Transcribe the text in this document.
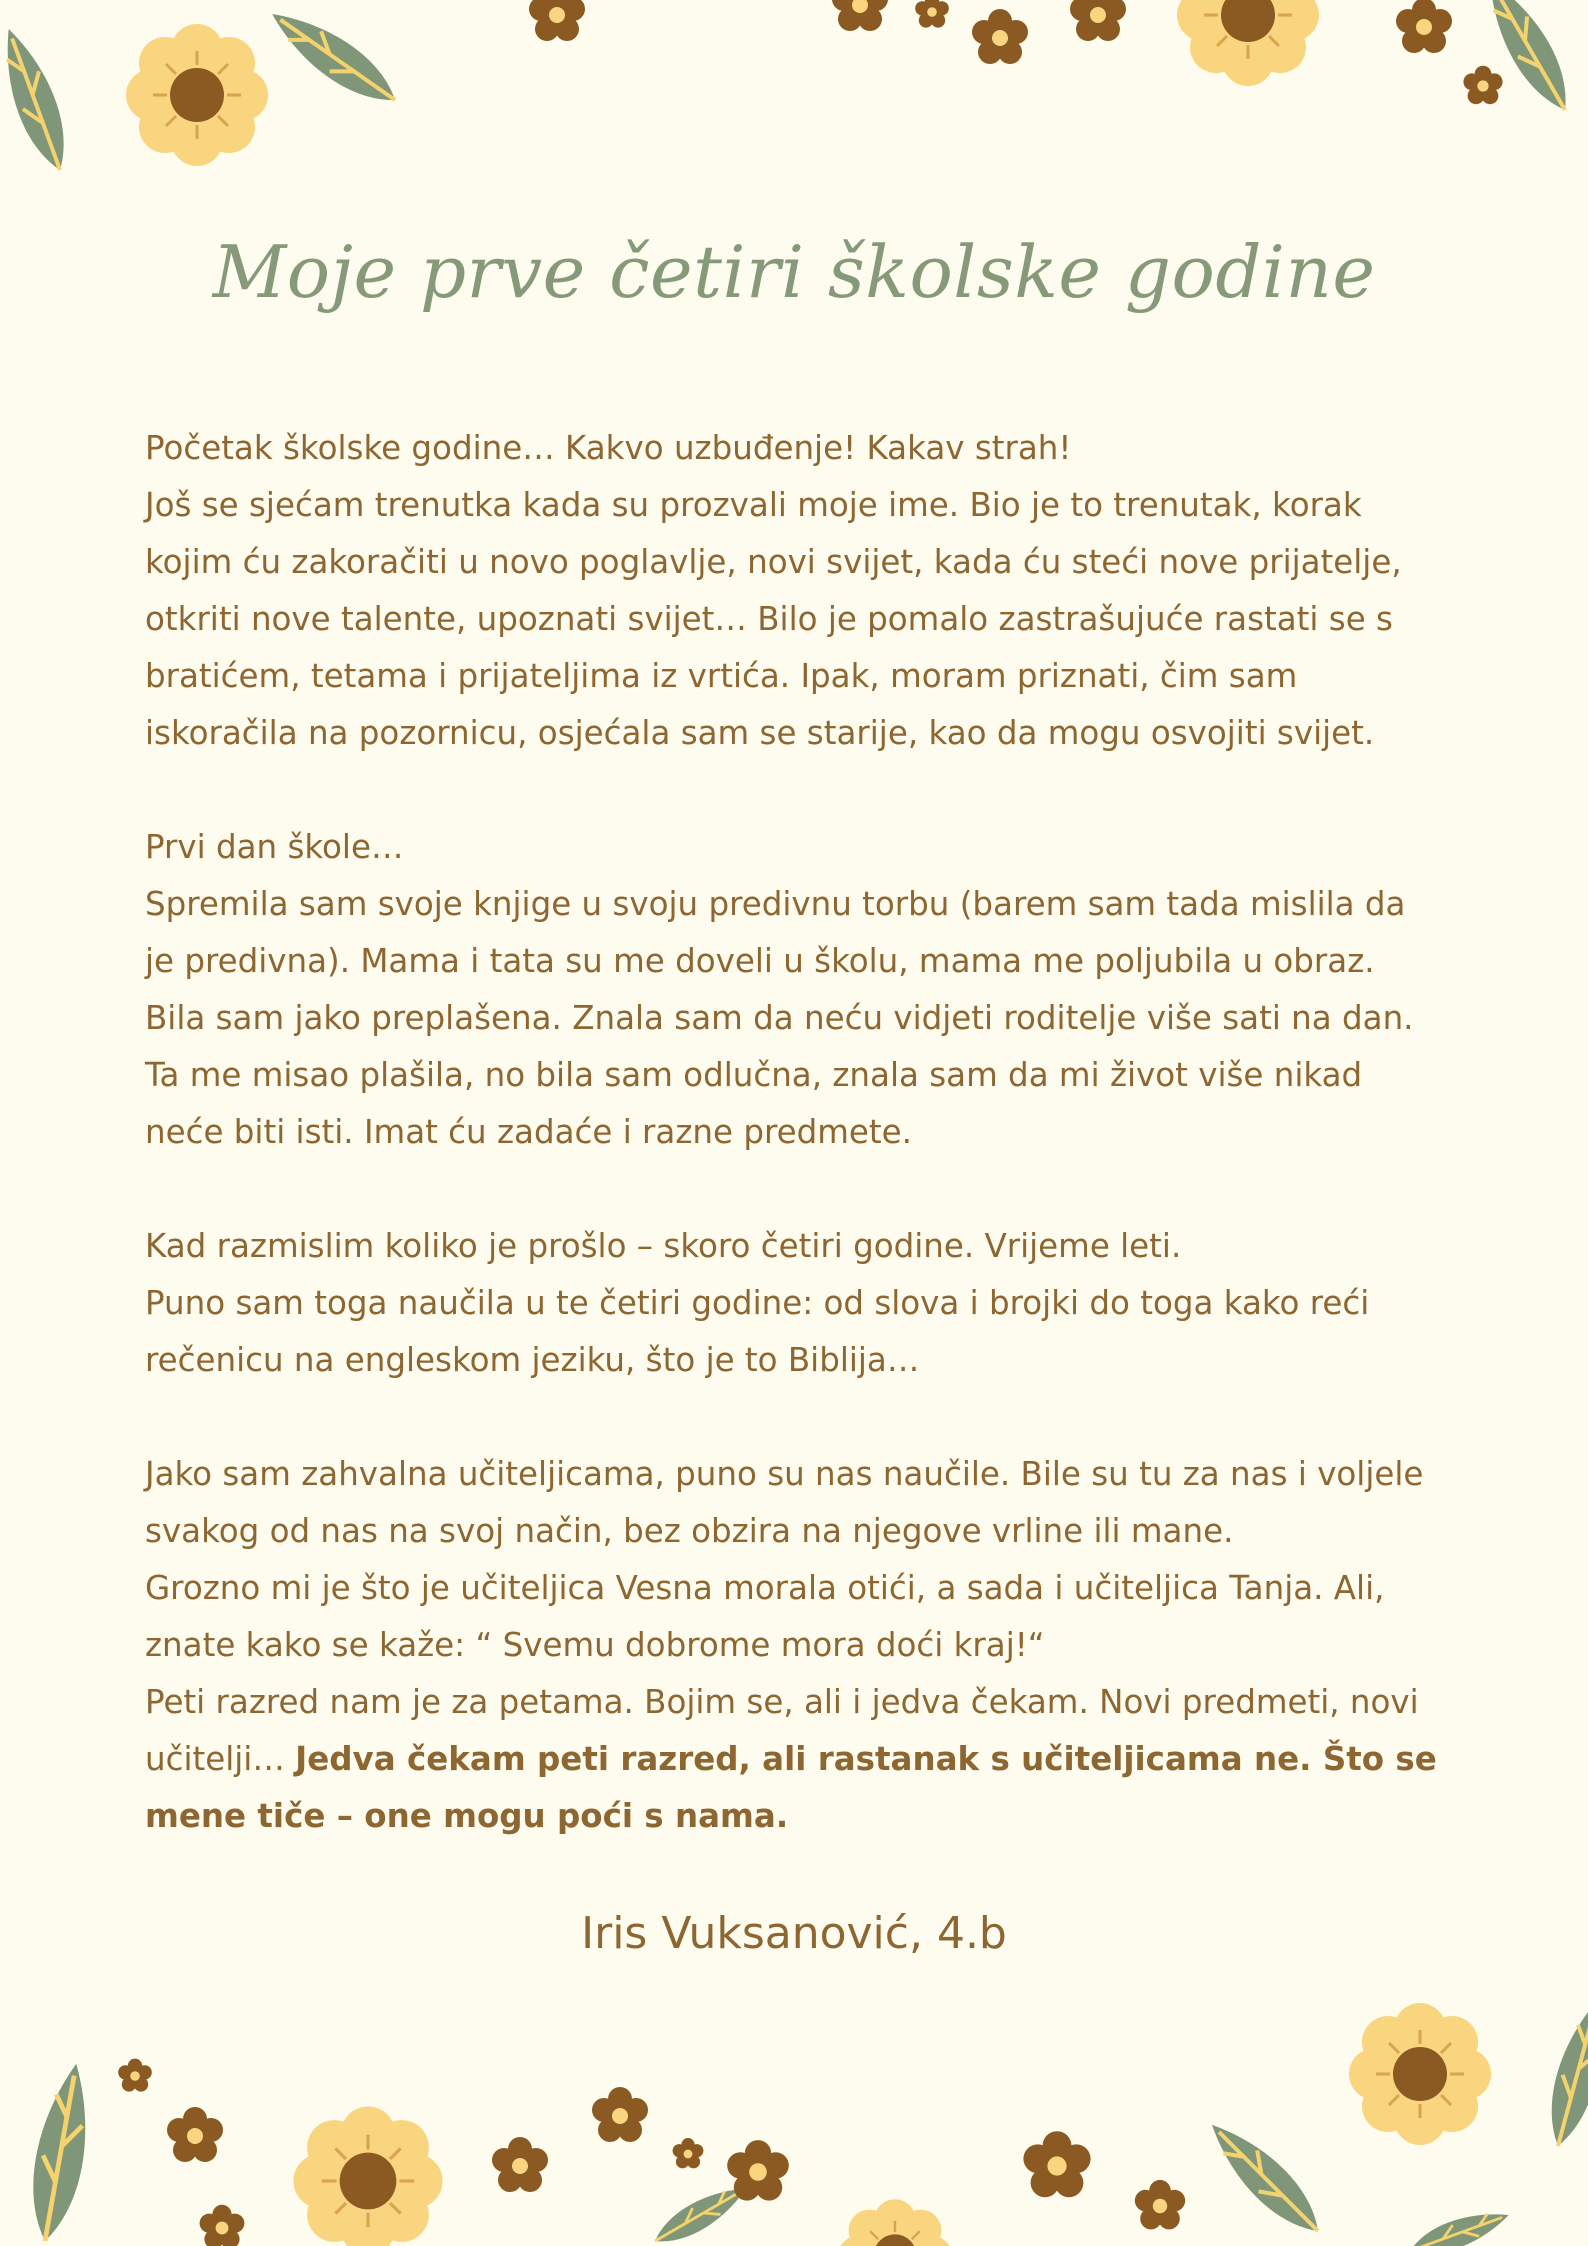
Moje prve četiri školske godine

Početak školske godine… Kakvo uzbuđenje! Kakav strah!
Još se sjećam trenutka kada su prozvali moje ime. Bio je to trenutak, korak
kojim ću zakoračiti u novo poglavlje, novi svijet, kada ću steći nove prijatelje,
otkriti nove talente, upoznati svijet… Bilo je pomalo zastrašujuće rastati se s
bratićem, tetama i prijateljima iz vrtića. Ipak, moram priznati, čim sam
iskoračila na pozornicu, osjećala sam se starije, kao da mogu osvojiti svijet.

Prvi dan škole…
Spremila sam svoje knjige u svoju predivnu torbu (barem sam tada mislila da
je predivna). Mama i tata su me doveli u školu, mama me poljubila u obraz.
Bila sam jako preplašena. Znala sam da neću vidjeti roditelje više sati na dan.
Ta me misao plašila, no bila sam odlučna, znala sam da mi život više nikad
neće biti isti. Imat ću zadaće i razne predmete.

Kad razmislim koliko je prošlo – skoro četiri godine. Vrijeme leti.
Puno sam toga naučila u te četiri godine: od slova i brojki do toga kako reći
rečenicu na engleskom jeziku, što je to Biblija…

Jako sam zahvalna učiteljicama, puno su nas naučile. Bile su tu za nas i voljele
svakog od nas na svoj način, bez obzira na njegove vrline ili mane.
Grozno mi je što je učiteljica Vesna morala otići, a sada i učiteljica Tanja. Ali,
znate kako se kaže: “ Svemu dobrome mora doći kraj!“
Peti razred nam je za petama. Bojim se, ali i jedva čekam. Novi predmeti, novi
učitelji… Jedva čekam peti razred, ali rastanak s učiteljicama ne. Što se
mene tiče – one mogu poći s nama.

Iris Vuksanović, 4.b
